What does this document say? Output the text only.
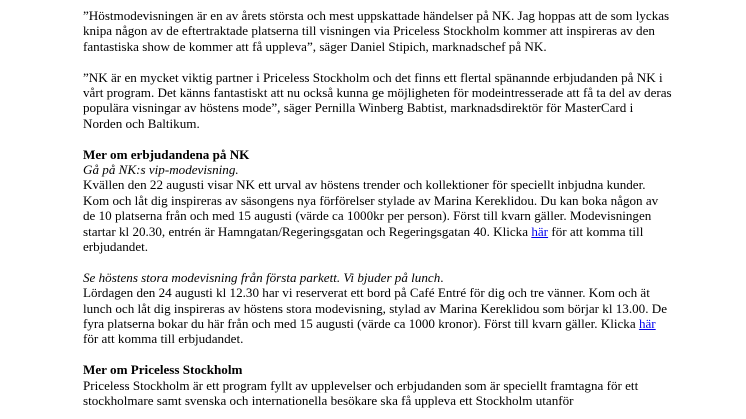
”Höstmodevisningen är en av årets största och mest uppskattade händelser på NK. Jag hoppas att de som lyckas knipa någon av de eftertraktade platserna till visningen via Priceless Stockholm kommer att inspireras av den fantastiska show de kommer att få uppleva”, säger Daniel Stipich, marknadschef på NK.

”NK är en mycket viktig partner i Priceless Stockholm och det finns ett flertal spänannde erbjudanden på NK i vårt program. Det känns fantastiskt att nu också kunna ge möjligheten för modeintresserade att få ta del av deras populära visningar av höstens mode”, säger Pernilla Winberg Babtist, marknadsdirektör för MasterCard i Norden och Baltikum.

Mer om erbjudandena på NK

Gå på NK:s vip-modevisning.

Kvällen den 22 augusti visar NK ett urval av höstens trender och kollektioner för speciellt inbjudna kunder. Kom och låt dig inspireras av säsongens nya förförelser stylade av Marina Kereklidou. Du kan boka någon av de 10 platserna från och med 15 augusti (värde ca 1000kr per person). Först till kvarn gäller. Modevisningen startar kl 20.30, entrén är Hamngatan/Regeringsgatan och Regeringsgatan 40. Klicka här för att komma till erbjudandet.

Se höstens stora modevisning från första parkett. Vi bjuder på lunch.

Lördagen den 24 augusti kl 12.30 har vi reserverat ett bord på Café Entré för dig och tre vänner. Kom och ät lunch och låt dig inspireras av höstens stora modevisning, stylad av Marina Kereklidou som börjar kl 13.00. De fyra platserna bokar du här från och med 15 augusti (värde ca 1000 kronor). Först till kvarn gäller. Klicka här för att komma till erbjudandet.

Mer om Priceless Stockholm

Priceless Stockholm är ett program fyllt av upplevelser och erbjudanden som är speciellt framtagna för ett stockholmare samt svenska och internationella besökare ska få uppleva ett Stockholm utanför
